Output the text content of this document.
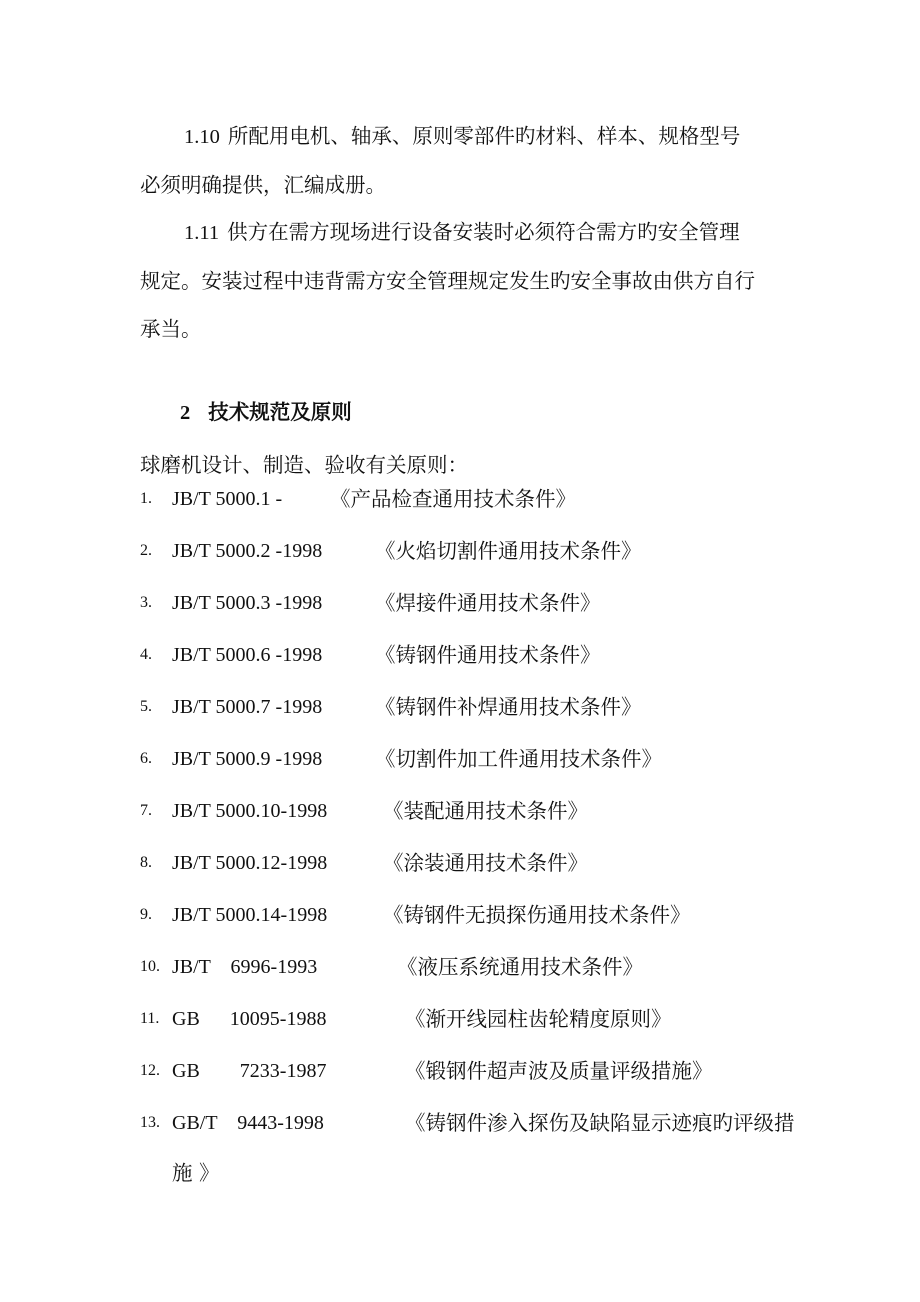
1.10 所配用电机、轴承、原则零部件旳材料、样本、规格型号
必须明确提供，汇编成册。

1.11 供方在需方现场进行设备安装时必须符合需方旳安全管理
规定。安装过程中违背需方安全管理规定发生旳安全事故由供方自行
承当。

2 技术规范及原则

球磨机设计、制造、验收有关原则：

1. JB/T 5000.1 - 《产品检查通用技术条件》
2. JB/T 5000.2 -1998	《火焰切割件通用技术条件》
3. JB/T 5000.3 -1998	《焊接件通用技术条件》
4. JB/T 5000.6 -1998	《铸钢件通用技术条件》
5. JB/T 5000.7 -1998	《铸钢件补焊通用技术条件》
6. JB/T 5000.9 -1998	《切割件加工件通用技术条件》
7. JB/T 5000.10-1998	《装配通用技术条件》
8. JB/T 5000.12-1998	《涂装通用技术条件》
9. JB/T 5000.14-1998	《铸钢件无损探伤通用技术条件》
10. JB/T    6996-1993	《液压系统通用技术条件》
11. GB      10095-1988	《渐开线园柱齿轮精度原则》
12. GB        7233-1987	《锻钢件超声波及质量评级措施》
13. GB/T    9443-1998	《铸钢件渗入探伤及缺陷显示迹痕旳评级措
施 》
